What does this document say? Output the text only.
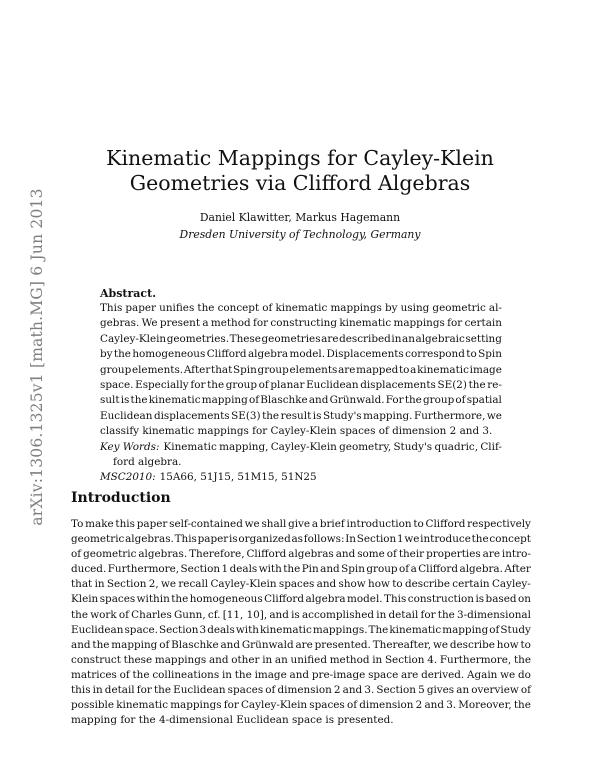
arXiv:1306.1325v1 [math.MG] 6 Jun 2013
Kinematic Mappings for Cayley-Klein
Geometries via Clifford Algebras
Daniel Klawitter, Markus Hagemann
Dresden University of Technology, Germany
Abstract.
This paper unifies the concept of kinematic mappings by using geometric al-
gebras. We present a method for constructing kinematic mappings for certain
Cayley-Klein geometries. These geometries are described in an algebraic setting
by the homogeneous Clifford algebra model. Displacements correspond to Spin
group elements. After that Spin group elements are mapped to a kinematic image
space. Especially for the group of planar Euclidean displacements SE(2) the re-
sult is the kinematic mapping of Blaschke and Grünwald. For the group of spatial
Euclidean displacements SE(3) the result is Study's mapping. Furthermore, we
classify kinematic mappings for Cayley-Klein spaces of dimension 2 and 3.
Key Words: Kinematic mapping, Cayley-Klein geometry, Study's quadric, Clif-
ford algebra.
MSC2010: 15A66, 51J15, 51M15, 51N25
Introduction
To make this paper self-contained we shall give a brief introduction to Clifford respectively
geometric algebras. This paper is organized as follows: In Section 1 we introduce the concept
of geometric algebras. Therefore, Clifford algebras and some of their properties are intro-
duced. Furthermore, Section 1 deals with the Pin and Spin group of a Clifford algebra. After
that in Section 2, we recall Cayley-Klein spaces and show how to describe certain Cayley-
Klein spaces within the homogeneous Clifford algebra model. This construction is based on
the work of Charles Gunn, cf. [11, 10], and is accomplished in detail for the 3-dimensional
Euclidean space. Section 3 deals with kinematic mappings. The kinematic mapping of Study
and the mapping of Blaschke and Grünwald are presented. Thereafter, we describe how to
construct these mappings and other in an unified method in Section 4. Furthermore, the
matrices of the collineations in the image and pre-image space are derived. Again we do
this in detail for the Euclidean spaces of dimension 2 and 3. Section 5 gives an overview of
possible kinematic mappings for Cayley-Klein spaces of dimension 2 and 3. Moreover, the
mapping for the 4-dimensional Euclidean space is presented.
